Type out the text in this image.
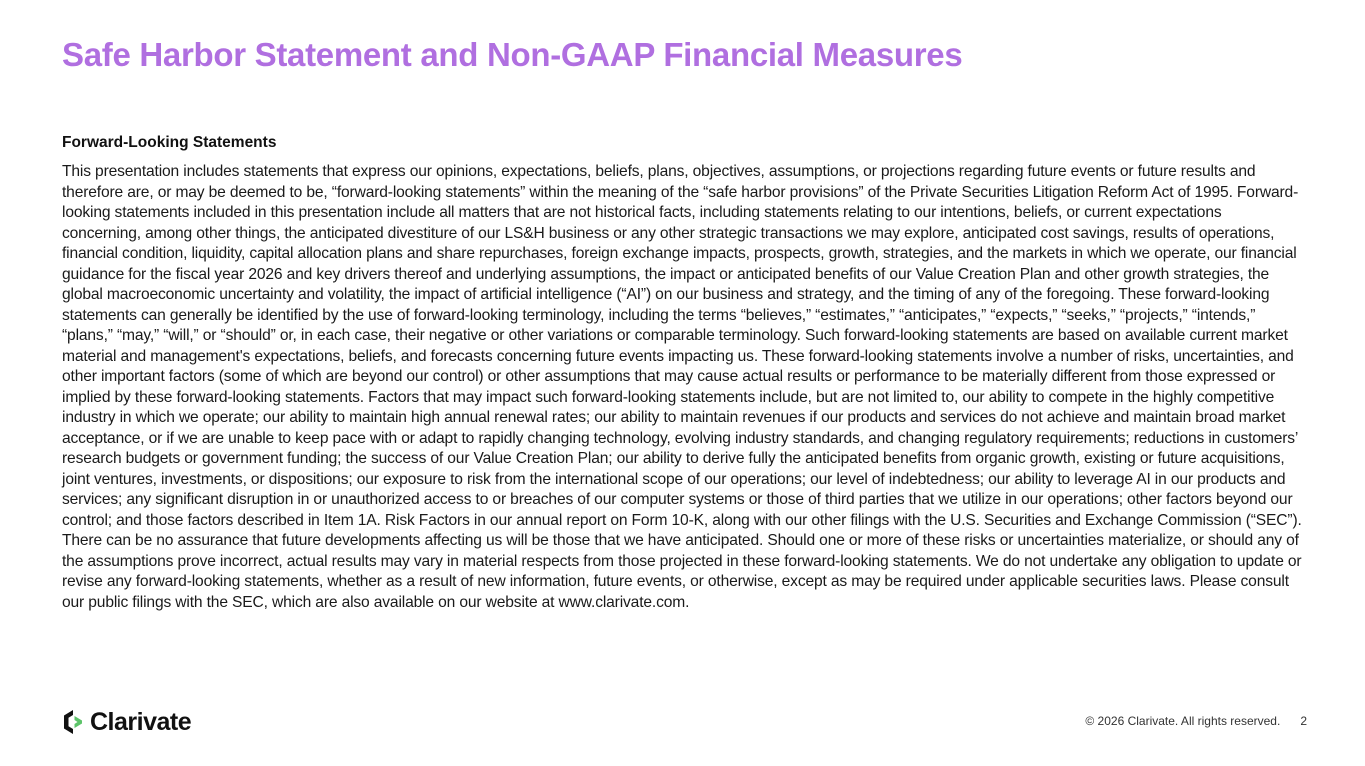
Safe Harbor Statement and Non-GAAP Financial Measures
Forward-Looking Statements

This presentation includes statements that express our opinions, expectations, beliefs, plans, objectives, assumptions, or projections regarding future events or future results and therefore are, or may be deemed to be, “forward-looking statements” within the meaning of the “safe harbor provisions” of the Private Securities Litigation Reform Act of 1995. Forward-looking statements included in this presentation include all matters that are not historical facts, including statements relating to our intentions, beliefs, or current expectations concerning, among other things, the anticipated divestiture of our LS&H business or any other strategic transactions we may explore, anticipated cost savings, results of operations, financial condition, liquidity, capital allocation plans and share repurchases, foreign exchange impacts, prospects, growth, strategies, and the markets in which we operate, our financial guidance for the fiscal year 2026 and key drivers thereof and underlying assumptions, the impact or anticipated benefits of our Value Creation Plan and other growth strategies, the global macroeconomic uncertainty and volatility, the impact of artificial intelligence (“AI”) on our business and strategy, and the timing of any of the foregoing. These forward-looking statements can generally be identified by the use of forward-looking terminology, including the terms “believes,” “estimates,” “anticipates,” “expects,” “seeks,” “projects,” “intends,” “plans,” “may,” “will,” or “should” or, in each case, their negative or other variations or comparable terminology. Such forward-looking statements are based on available current market material and management's expectations, beliefs, and forecasts concerning future events impacting us. These forward-looking statements involve a number of risks, uncertainties, and other important factors (some of which are beyond our control) or other assumptions that may cause actual results or performance to be materially different from those expressed or implied by these forward-looking statements. Factors that may impact such forward-looking statements include, but are not limited to, our ability to compete in the highly competitive industry in which we operate; our ability to maintain high annual renewal rates; our ability to maintain revenues if our products and services do not achieve and maintain broad market acceptance, or if we are unable to keep pace with or adapt to rapidly changing technology, evolving industry standards, and changing regulatory requirements; reductions in customers’ research budgets or government funding; the success of our Value Creation Plan; our ability to derive fully the anticipated benefits from organic growth, existing or future acquisitions, joint ventures, investments, or dispositions; our exposure to risk from the international scope of our operations; our level of indebtedness; our ability to leverage AI in our products and services; any significant disruption in or unauthorized access to or breaches of our computer systems or those of third parties that we utilize in our operations; other factors beyond our control; and those factors described in Item 1A. Risk Factors in our annual report on Form 10-K, along with our other filings with the U.S. Securities and Exchange Commission (“SEC”). There can be no assurance that future developments affecting us will be those that we have anticipated. Should one or more of these risks or uncertainties materialize, or should any of the assumptions prove incorrect, actual results may vary in material respects from those projected in these forward-looking statements. We do not undertake any obligation to update or revise any forward-looking statements, whether as a result of new information, future events, or otherwise, except as may be required under applicable securities laws. Please consult our public filings with the SEC, which are also available on our website at www.clarivate.com.

Clarivate	© 2026 Clarivate. All rights reserved. 2
